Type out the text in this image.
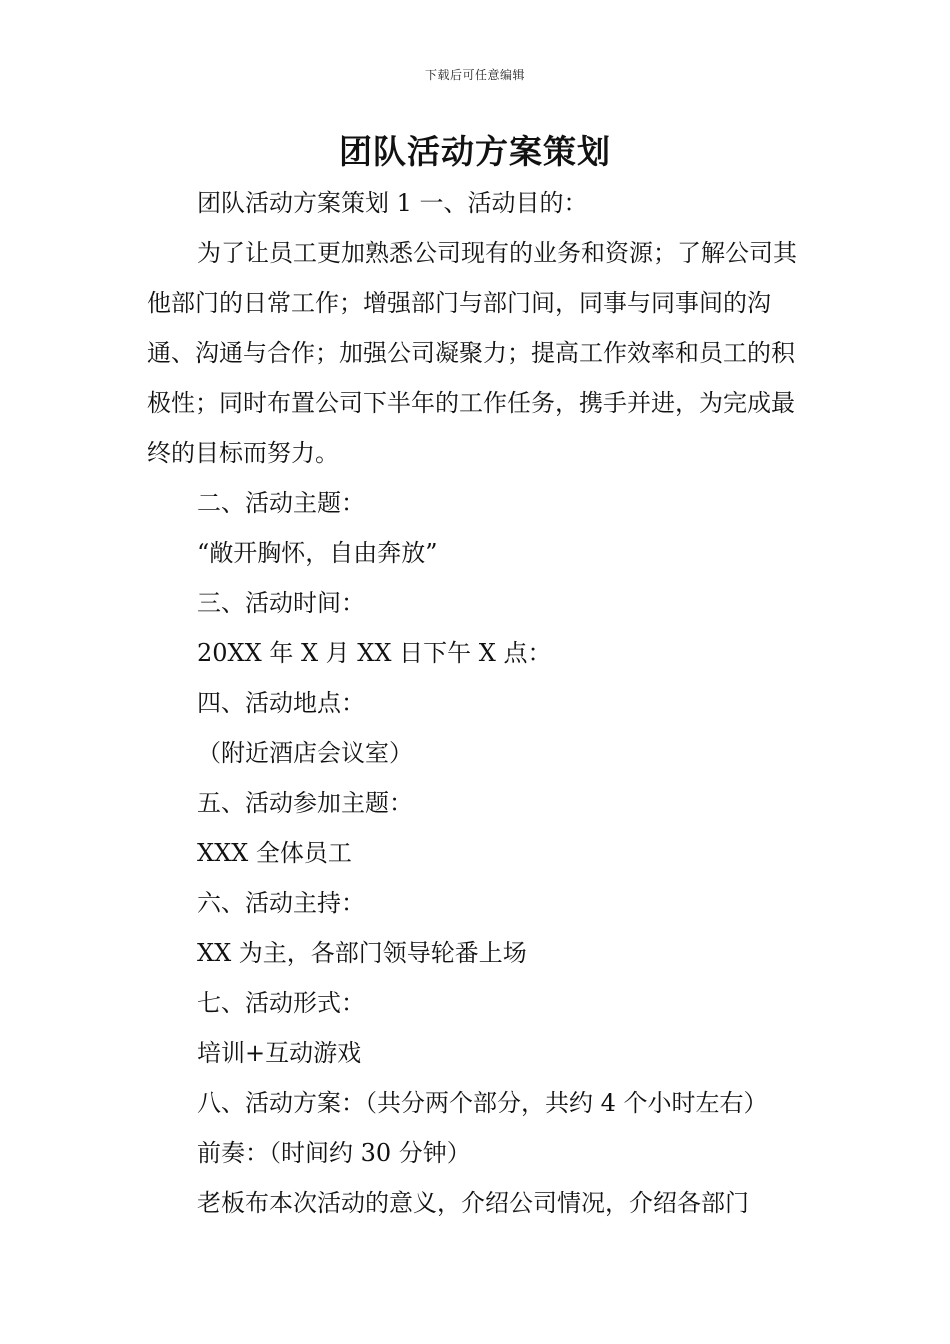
下载后可任意编辑
团队活动方案策划

团队活动方案策划 1 一、活动目的：

为了让员工更加熟悉公司现有的业务和资源；了解公司其他部门的日常工作；增强部门与部门间，同事与同事间的沟通、沟通与合作；加强公司凝聚力；提高工作效率和员工的积极性；同时布置公司下半年的工作任务，携手并进，为完成最终的目标而努力。

二、活动主题：

“敞开胸怀，自由奔放”

三、活动时间：

20XX 年 X 月 XX 日下午 X 点：

四、活动地点：

（附近酒店会议室）

五、活动参加主题：

XXX 全体员工

六、活动主持：

XX 为主，各部门领导轮番上场

七、活动形式：

培训+互动游戏

八、活动方案：（共分两个部分，共约 4 个小时左右）

前奏：（时间约 30 分钟）

老板布本次活动的意义，介绍公司情况，介绍各部门
